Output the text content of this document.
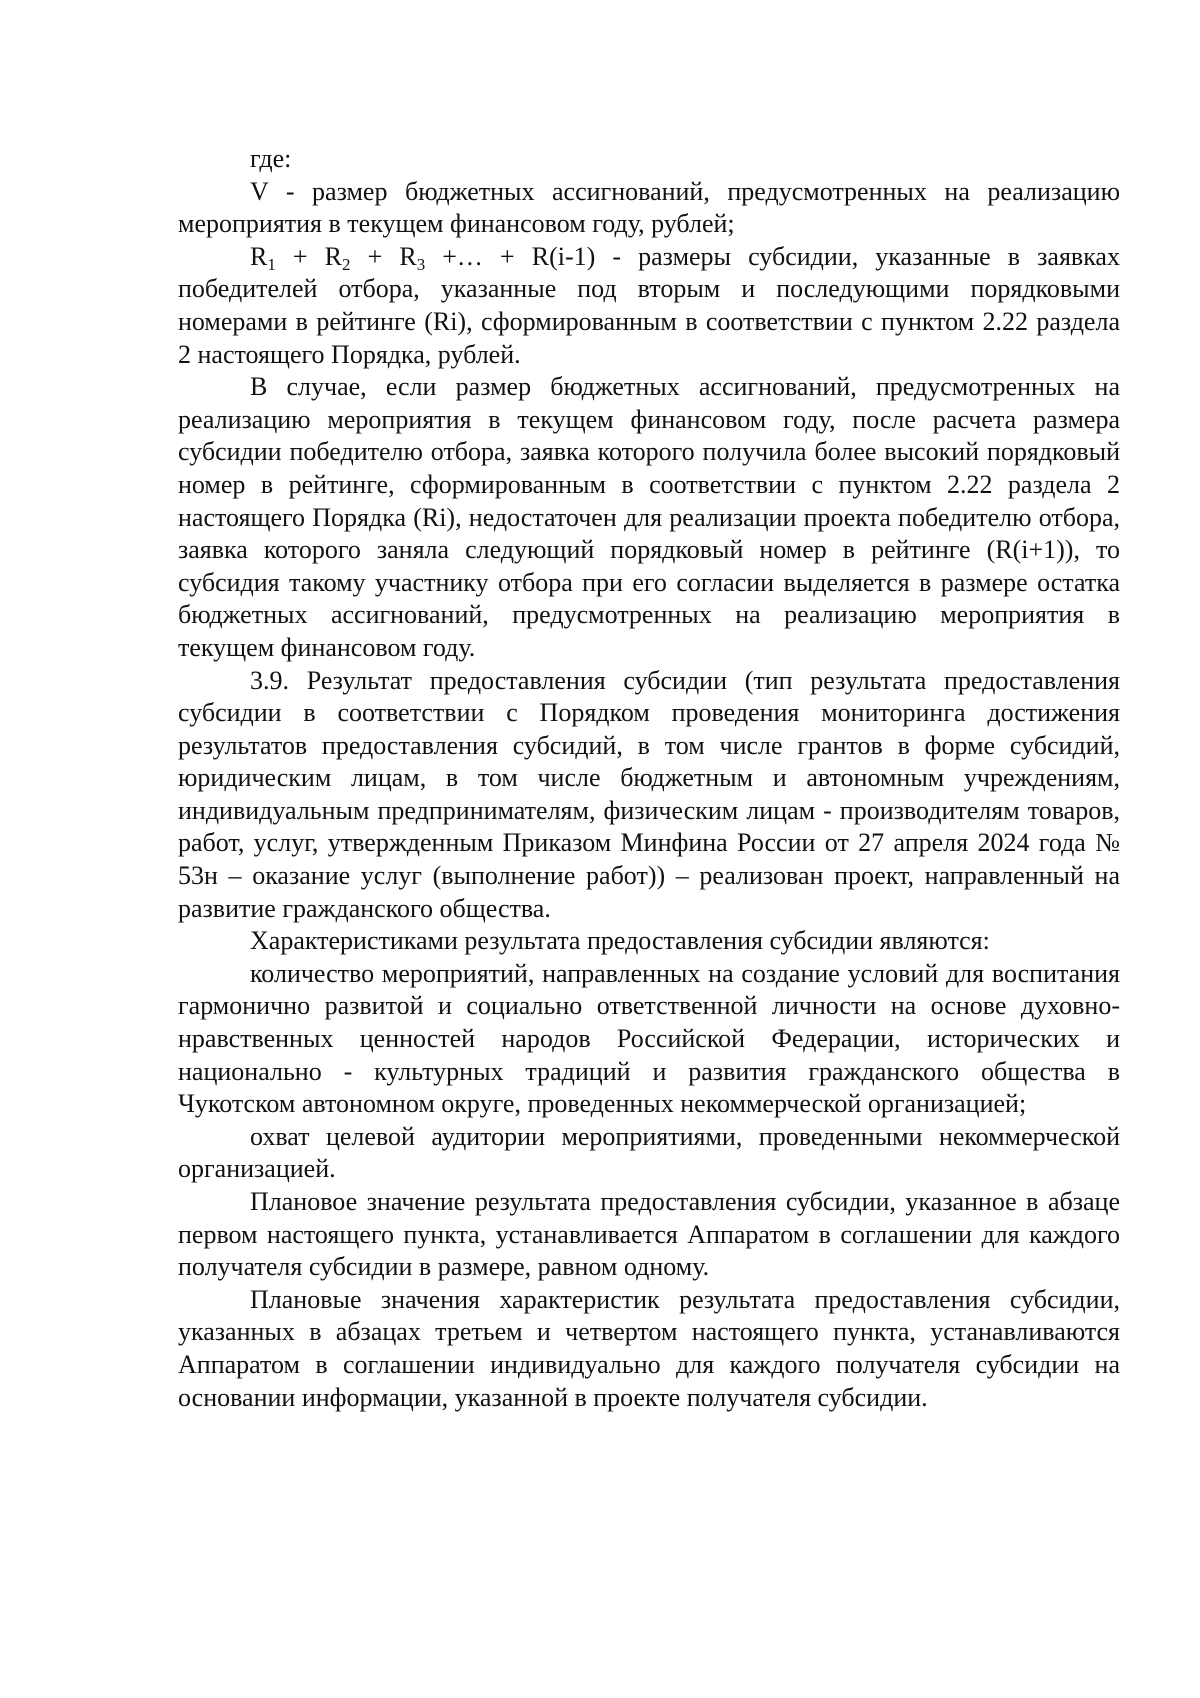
где:

V - размер бюджетных ассигнований, предусмотренных на реализацию мероприятия в текущем финансовом году, рублей;

$R_1 + R_2 + R_3$ +… + R(i-1) - размеры субсидии, указанные в заявках победителей отбора, указанные под вторым и последующими порядковыми номерами в рейтинге (Ri), сформированным в соответствии с пунктом 2.22 раздела 2 настоящего Порядка, рублей.

В случае, если размер бюджетных ассигнований, предусмотренных на реализацию мероприятия в текущем финансовом году, после расчета размера субсидии победителю отбора, заявка которого получила более высокий порядковый номер в рейтинге, сформированным в соответствии с пунктом 2.22 раздела 2 настоящего Порядка (Ri), недостаточен для реализации проекта победителю отбора, заявка которого заняла следующий порядковый номер в рейтинге (R(i+1)), то субсидия такому участнику отбора при его согласии выделяется в размере остатка бюджетных ассигнований, предусмотренных на реализацию мероприятия в текущем финансовом году.

3.9. Результат предоставления субсидии (тип результата предоставления субсидии в соответствии с Порядком проведения мониторинга достижения результатов предоставления субсидий, в том числе грантов в форме субсидий, юридическим лицам, в том числе бюджетным и автономным учреждениям, индивидуальным предпринимателям, физическим лицам - производителям товаров, работ, услуг, утвержденным Приказом Минфина России от 27 апреля 2024 года № 53н – оказание услуг (выполнение работ)) – реализован проект, направленный на развитие гражданского общества.

Характеристиками результата предоставления субсидии являются:

количество мероприятий, направленных на создание условий для воспитания гармонично развитой и социально ответственной личности на основе духовно-нравственных ценностей народов Российской Федерации, исторических и национально - культурных традиций и развития гражданского общества в Чукотском автономном округе, проведенных некоммерческой организацией;

охват целевой аудитории мероприятиями, проведенными некоммерческой организацией.

Плановое значение результата предоставления субсидии, указанное в абзаце первом настоящего пункта, устанавливается Аппаратом в соглашении для каждого получателя субсидии в размере, равном одному.

Плановые значения характеристик результата предоставления субсидии, указанных в абзацах третьем и четвертом настоящего пункта, устанавливаются Аппаратом в соглашении индивидуально для каждого получателя субсидии на основании информации, указанной в проекте получателя субсидии.
